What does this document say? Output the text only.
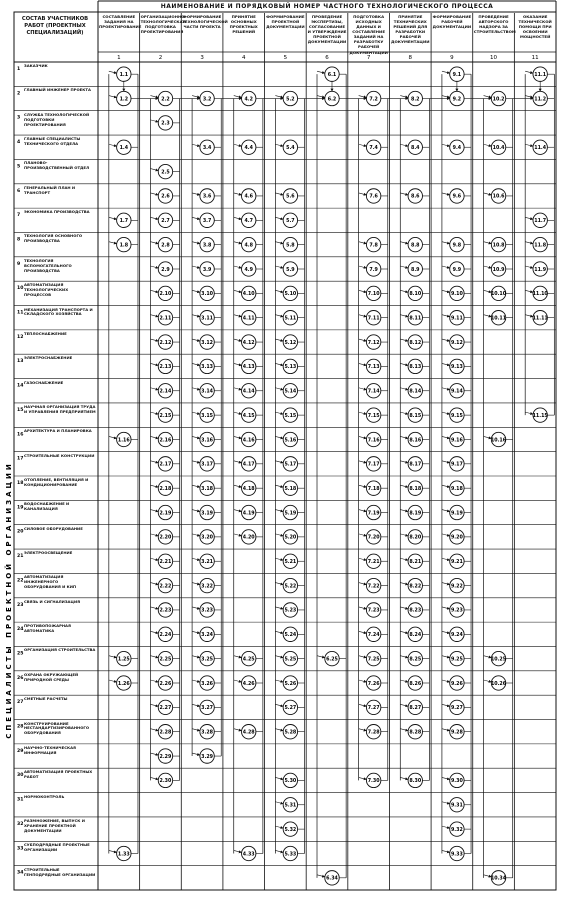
СОСТАВ УЧАСТНИКОВ РАБОТ (ПРОЕКТНЫХ СПЕЦИАЛИЗАЦИЙ)
НАИМЕНОВАНИЕ И ПОРЯДКОВЫЙ НОМЕР ЧАСТНОГО ТЕХНОЛОГИЧЕСКОГО ПРОЦЕССА
СПЕЦИАЛИСТЫ ПРОЕКТНОЙ ОРГАНИЗАЦИИ
СОСТАВЛЕНИЕ ЗАДАНИЯ НА ПРОЕКТИРОВАНИЕ
1
ОРГАНИЗАЦИОННО-ТЕХНОЛОГИЧЕСКАЯ ПОДГОТОВКА ПРОЕКТИРОВАНИЯ
2
ФОРМИРОВАНИЕ ТЕХНОЛОГИЧЕСКОЙ ЧАСТИ ПРОЕКТА
3
ПРИНЯТИЕ ОСНОВНЫХ ПРОЕКТНЫХ РЕШЕНИЙ
4
ФОРМИРОВАНИЕ ПРОЕКТНОЙ ДОКУМЕНТАЦИИ
5
ПРОВЕДЕНИЕ ЭКСПЕРТИЗЫ, СОГЛАСОВАНИЕ И УТВЕРЖДЕНИЕ ПРОЕКТНОЙ ДОКУМЕНТАЦИИ
6
ПОДГОТОВКА ИСХОДНЫХ ДАННЫХ И СОСТАВЛЕНИЕ ЗАДАНИЙ НА РАЗРАБОТКУ РАБОЧЕЙ ДОКУМЕНТАЦИИ
7
ПРИНЯТИЕ ТЕХНИЧЕСКИХ РЕШЕНИЙ ДЛЯ РАЗРАБОТКИ РАБОЧЕЙ ДОКУМЕНТАЦИИ
8
ФОРМИРОВАНИЕ РАБОЧЕЙ ДОКУМЕНТАЦИИ
9
ПРОВЕДЕНИЕ АВТОРСКОГО НАДЗОРА ЗА СТРОИТЕЛЬСТВОМ
10
ОКАЗАНИЕ ТЕХНИЧЕСКОЙ ПОМОЩИ ПРИ ОСВОЕНИИ МОЩНОСТЕЙ
11
1
ЗАКАЗЧИК
2
ГЛАВНЫЙ ИНЖЕНЕР ПРОЕКТА
3
СЛУЖБА ТЕХНОЛОГИЧЕСКОЙ ПОДГОТОВКИ ПРОЕКТИРОВАНИЯ
4
ГЛАВНЫЕ СПЕЦИАЛИСТЫ ТЕХНИЧЕСКОГО ОТДЕЛА
5
ПЛАНОВО-ПРОИЗВОДСТВЕННЫЙ ОТДЕЛ
6
ГЕНЕРАЛЬНЫЙ ПЛАН И ТРАНСПОРТ
7
ЭКОНОМИКА ПРОИЗВОДСТВА
8
ТЕХНОЛОГИЯ ОСНОВНОГО ПРОИЗВОДСТВА
9
ТЕХНОЛОГИЯ ВСПОМОГАТЕЛЬНОГО ПРОИЗВОДСТВА
10
АВТОМАТИЗАЦИЯ ТЕХНОЛОГИЧЕСКИХ ПРОЦЕССОВ
11
МЕХАНИЗАЦИЯ ТРАНСПОРТА И СКЛАДСКОГО ХОЗЯЙСТВА
12
ТЕПЛОСНАБЖЕНИЕ
13
ЭЛЕКТРОСНАБЖЕНИЕ
14
ГАЗОСНАБЖЕНИЕ
15
НАУЧНАЯ ОРГАНИЗАЦИЯ ТРУДА И УПРАВЛЕНИЯ ПРЕДПРИЯТИЕМ
16
АРХИТЕКТУРА И ПЛАНИРОВКА
17
СТРОИТЕЛЬНЫЕ КОНСТРУКЦИИ
18
ОТОПЛЕНИЕ, ВЕНТИЛЯЦИЯ И КОНДИЦИОНИРОВАНИЕ
19
ВОДОСНАБЖЕНИЕ И КАНАЛИЗАЦИЯ
20
СИЛОВОЕ ОБОРУДОВАНИЕ
21
ЭЛЕКТРООСВЕЩЕНИЕ
22
АВТОМАТИЗАЦИЯ ИНЖЕНЕРНОГО ОБОРУДОВАНИЯ И КИП
23
СВЯЗЬ И СИГНАЛИЗАЦИЯ
24
ПРОТИВОПОЖАРНАЯ АВТОМАТИКА
25
ОРГАНИЗАЦИЯ СТРОИТЕЛЬСТВА
26
ОХРАНА ОКРУЖАЮЩЕЙ ПРИРОДНОЙ СРЕДЫ
27
СМЕТНЫЕ РАСЧЕТЫ
28
КОНСТРУИРОВАНИЕ НЕСТАНДАРТИЗИРОВАННОГО ОБОРУДОВАНИЯ
29
НАУЧНО-ТЕХНИЧЕСКАЯ ИНФОРМАЦИЯ
30
АВТОМАТИЗАЦИЯ ПРОЕКТНЫХ РАБОТ
31
НОРМОКОНТРОЛЬ
32
РАЗМНОЖЕНИЕ, ВЫПУСК И ХРАНЕНИЕ ПРОЕКТНОЙ ДОКУМЕНТАЦИИ
33
СУБПОДРЯДНЫЕ ПРОЕКТНЫЕ ОРГАНИЗАЦИИ
34
СТРОИТЕЛЬНЫЕ ГЕНПОДРЯДНЫЕ ОРГАНИЗАЦИИ
1.1	6.1	9.1	11.1
1.2	2.2	3.2	4.2	5.2	6.2	7.2	8.2	9.2	10.2	11.2
2.3
1.4	3.4	4.4	5.4	7.4	8.4	9.4	10.4	11.4
2.5
2.6	3.6	4.6	5.6	7.6	8.6	9.6	10.6
1.7	2.7	3.7	4.7	5.7	11.7
1.8	2.8	3.8	4.8	5.8	7.8	8.8	9.8	10.8	11.8
2.9	3.9	4.9	5.9	7.9	8.9	9.9	10.9	11.9
2.10	3.10	4.10	5.10	7.10	8.10	9.10	10.10	11.10
2.11	3.11	4.11	5.11	7.11	8.11	9.11	10.11	11.11
2.12	3.12	4.12	5.12	7.12	8.12	9.12
2.13	3.13	4.13	5.13	7.13	8.13	9.13
2.14	3.14	4.14	5.14	7.14	8.14	9.14
2.15	3.15	4.15	5.15	7.15	8.15	9.15	11.15
1.16	2.16	3.16	4.16	5.16	7.16	8.16	9.16	10.16
2.17	3.17	4.17	5.17	7.17	8.17	9.17
2.18	3.18	4.18	5.18	7.18	8.18	9.18
2.19	3.19	4.19	5.19	7.19	8.19	9.19
2.20	3.20	4.20	5.20	7.20	8.20	9.20
2.21	3.21	5.21	7.21	8.21	9.21
2.22	3.22	5.22	7.22	8.22	9.22
2.23	3.23	5.23	7.23	8.23	9.23
2.24	3.24	5.24	7.24	8.24	9.24
1.25	2.25	3.25	4.25	5.25	6.25	7.25	8.25	9.25	10.25
1.26	2.26	3.26	4.26	5.26	7.26	8.26	9.26	10.26
2.27	3.27	5.27	7.27	8.27	9.27
2.28	3.28	4.28	5.28	7.28	8.28	9.28
2.29	3.29
2.30	5.30	7.30	8.30	9.30
5.31	9.31
5.32	9.32
1.33	4.33	5.33	9.33
6.34	10.34
